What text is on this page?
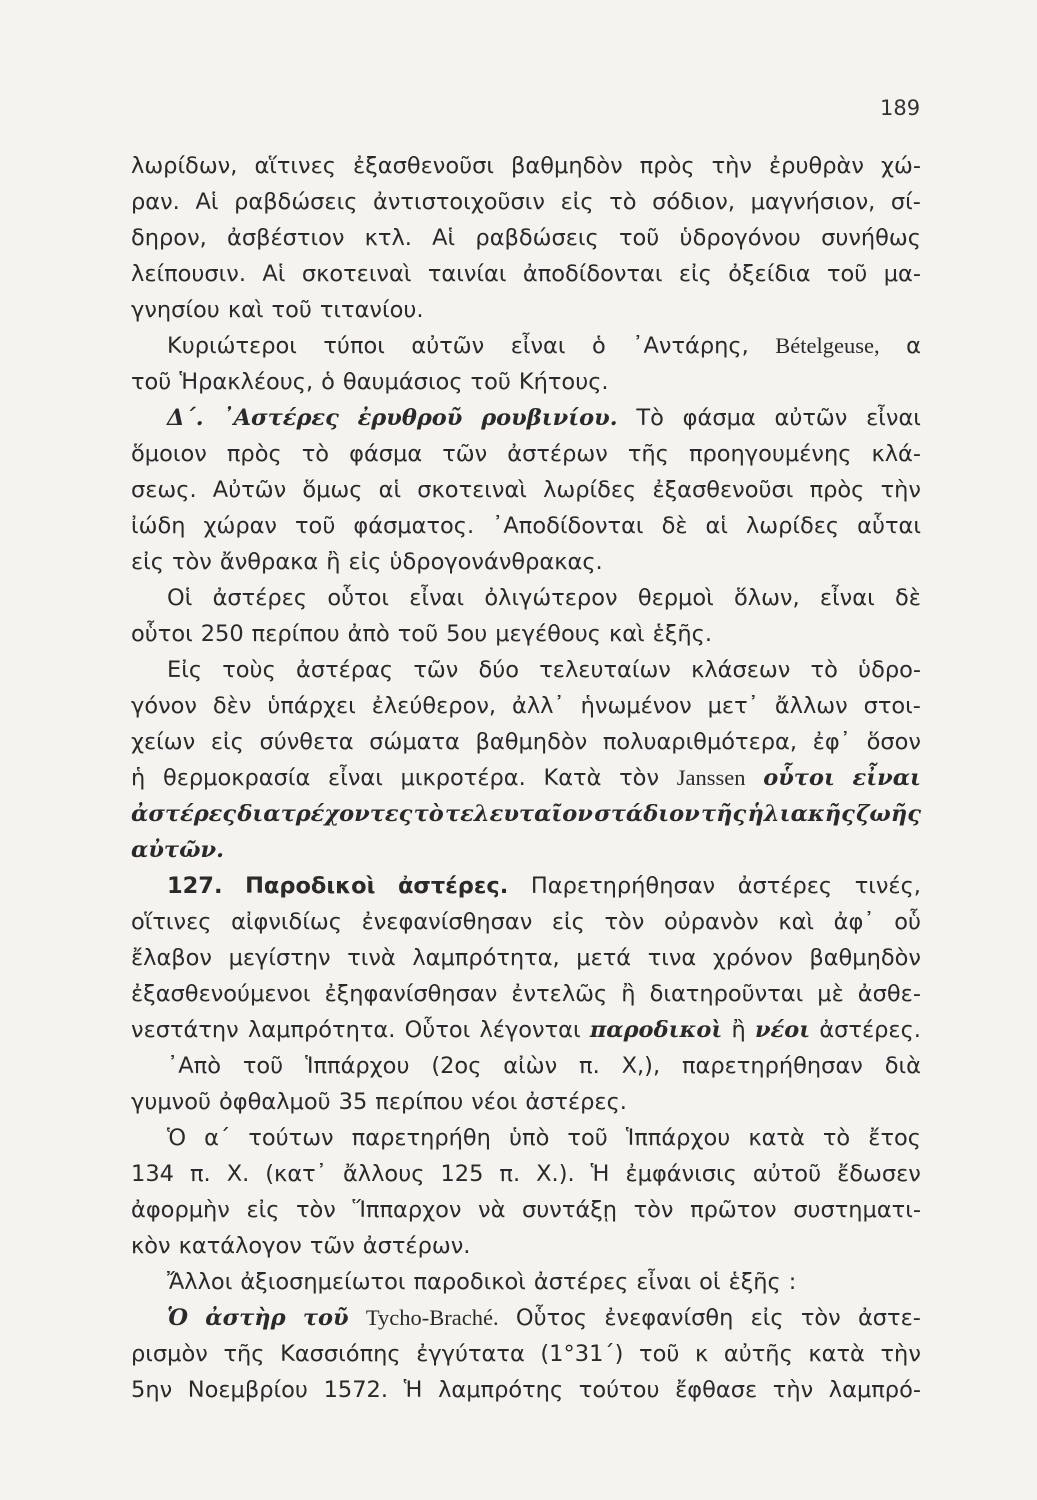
189
λωρίδων, αἵτινες ἐξασθενοῦσι βαθμηδὸν πρὸς τὴν ἐρυθρὰν χώ-
ραν. Αἱ ραβδώσεις ἀντιστοιχοῦσιν εἰς τὸ σόδιον, μαγνήσιον, σί-
δηρον, ἀσβέστιον κτλ. Αἱ ραβδώσεις τοῦ ὑδρογόνου συνήθως
λείπουσιν. Αἱ σκοτειναὶ ταινίαι ἀποδίδονται εἰς ὀξείδια τοῦ μα-
γνησίου καὶ τοῦ τιτανίου.
Κυριώτεροι τύποι αὐτῶν εἶναι ὁ ᾿Αντάρης, Bételgeuse, α
τοῦ Ἡρακλέους, ὁ θαυμάσιος τοῦ Κήτους.
Δ΄. ᾿Αστέρες ἐρυθροῦ ρουβινίου. Τὸ φάσμα αὐτῶν εἶναι
ὅμοιον πρὸς τὸ φάσμα τῶν ἀστέρων τῆς προηγουμένης κλά-
σεως. Αὐτῶν ὅμως αἱ σκοτειναὶ λωρίδες ἐξασθενοῦσι πρὸς τὴν
ἰώδη χώραν τοῦ φάσματος. ᾿Αποδίδονται δὲ αἱ λωρίδες αὗται
εἰς τὸν ἄνθρακα ἢ εἰς ὑδρογονάνθρακας.
Οἱ ἀστέρες οὗτοι εἶναι ὀλιγώτερον θερμοὶ ὅλων, εἶναι δὲ
οὗτοι 250 περίπου ἀπὸ τοῦ 5ου μεγέθους καὶ ἑξῆς.
Εἰς τοὺς ἀστέρας τῶν δύο τελευταίων κλάσεων τὸ ὑδρο-
γόνον δὲν ὑπάρχει ἐλεύθερον, ἀλλ᾿ ἡνωμένον μετ᾿ ἄλλων στοι-
χείων εἰς σύνθετα σώματα βαθμηδὸν πολυαριθμότερα, ἐφ᾿ ὅσον
ἡ θερμοκρασία εἶναι μικροτέρα. Κατὰ τὸν Janssen οὗτοι εἶναι
ἀστέρες διατρέχοντες τὸ τελευταῖον στάδιον τῆς ἡλιακῆς ζωῆς
αὐτῶν.
127. Παροδικοὶ ἀστέρες. Παρετηρήθησαν ἀστέρες τινές,
οἵτινες αἰφνιδίως ἐνεφανίσθησαν εἰς τὸν οὐρανὸν καὶ ἀφ᾿ οὗ
ἔλαβον μεγίστην τινὰ λαμπρότητα, μετά τινα χρόνον βαθμηδὸν
ἐξασθενούμενοι ἐξηφανίσθησαν ἐντελῶς ἢ διατηροῦνται μὲ ἀσθε-
νεστάτην λαμπρότητα. Οὗτοι λέγονται παροδικοὶ ἢ νέοι ἀστέρες.
᾿Απὸ τοῦ Ἱππάρχου (2ος αἰὼν π. Χ,), παρετηρήθησαν διὰ
γυμνοῦ ὀφθαλμοῦ 35 περίπου νέοι ἀστέρες.
Ὁ α΄ τούτων παρετηρήθη ὑπὸ τοῦ Ἱππάρχου κατὰ τὸ ἔτος
134 π. Χ. (κατ᾿ ἄλλους 125 π. Χ.). Ἡ ἐμφάνισις αὐτοῦ ἔδωσεν
ἀφορμὴν εἰς τὸν Ἵππαρχον νὰ συντάξῃ τὸν πρῶτον συστηματι-
κὸν κατάλογον τῶν ἀστέρων.
Ἄλλοι ἀξιοσημείωτοι παροδικοὶ ἀστέρες εἶναι οἱ ἑξῆς :
Ὁ ἀστὴρ τοῦ Tycho-Braché. Οὗτος ἐνεφανίσθη εἰς τὸν ἀστε-
ρισμὸν τῆς Κασσιόπης ἐγγύτατα (1°31΄) τοῦ κ αὐτῆς κατὰ τὴν
5ην Νοεμβρίου 1572. Ἡ λαμπρότης τούτου ἔφθασε τὴν λαμπρό-
